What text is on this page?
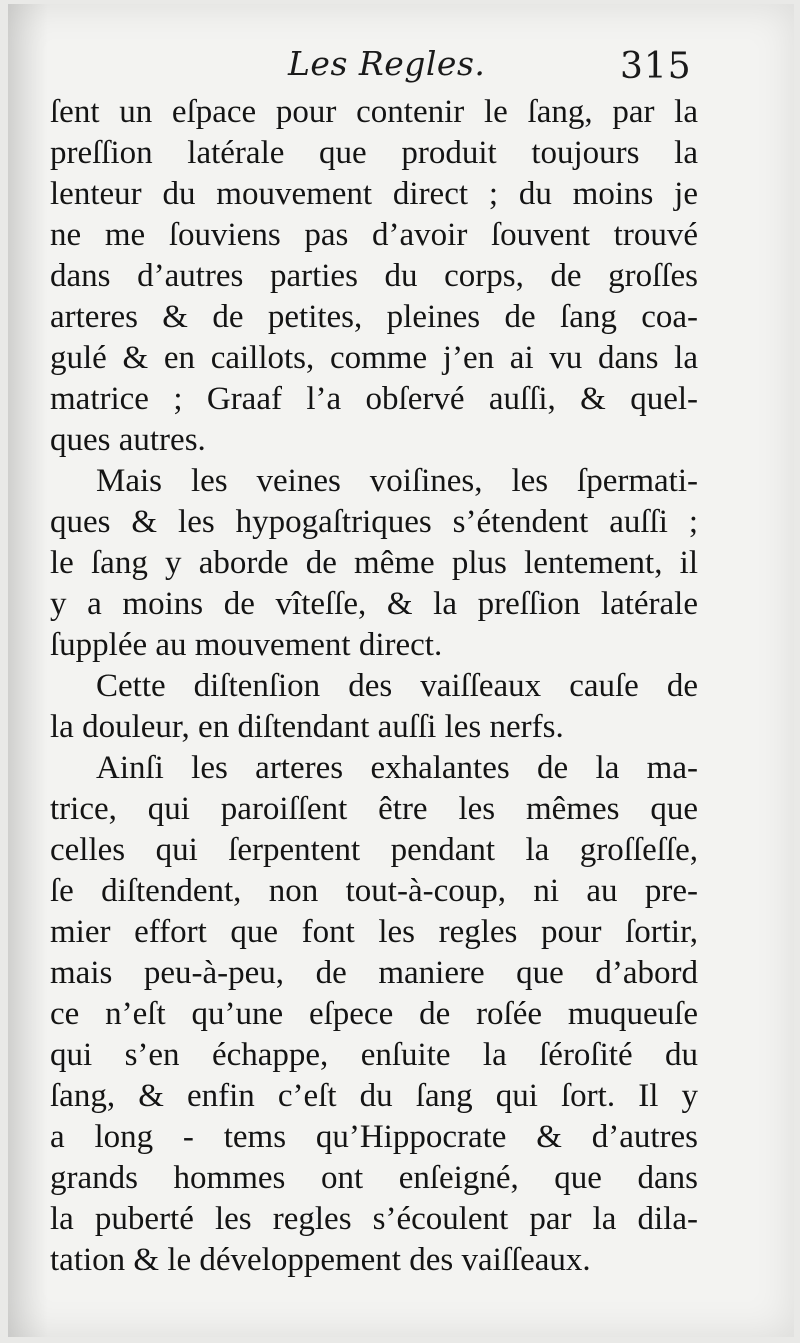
Les Regles.	315
ſent un eſpace pour contenir le ſang, par la
preſſion latérale que produit toujours la
lenteur du mouvement direct ; du moins je
ne me ſouviens pas d’avoir ſouvent trouvé
dans d’autres parties du corps, de groſſes
arteres & de petites, pleines de ſang coa-
gulé & en caillots, comme j’en ai vu dans la
matrice ; Graaf l’a obſervé auſſi, & quel-
ques autres.
Mais les veines voiſines, les ſpermati-
ques & les hypogaſtriques s’étendent auſſi ;
le ſang y aborde de même plus lentement, il
y a moins de vîteſſe, & la preſſion latérale
ſupplée au mouvement direct.
Cette diſtenſion des vaiſſeaux cauſe de
la douleur, en diſtendant auſſi les nerfs.
Ainſi les arteres exhalantes de la ma-
trice, qui paroiſſent être les mêmes que
celles qui ſerpentent pendant la groſſeſſe,
ſe diſtendent, non tout-à-coup, ni au pre-
mier effort que font les regles pour ſortir,
mais peu-à-peu, de maniere que d’abord
ce n’eſt qu’une eſpece de roſée muqueuſe
qui s’en échappe, enſuite la ſéroſité du
ſang, & enfin c’eſt du ſang qui ſort. Il y
a long - tems qu’Hippocrate & d’autres
grands hommes ont enſeigné, que dans
la puberté les regles s’écoulent par la dila-
tation & le développement des vaiſſeaux.
